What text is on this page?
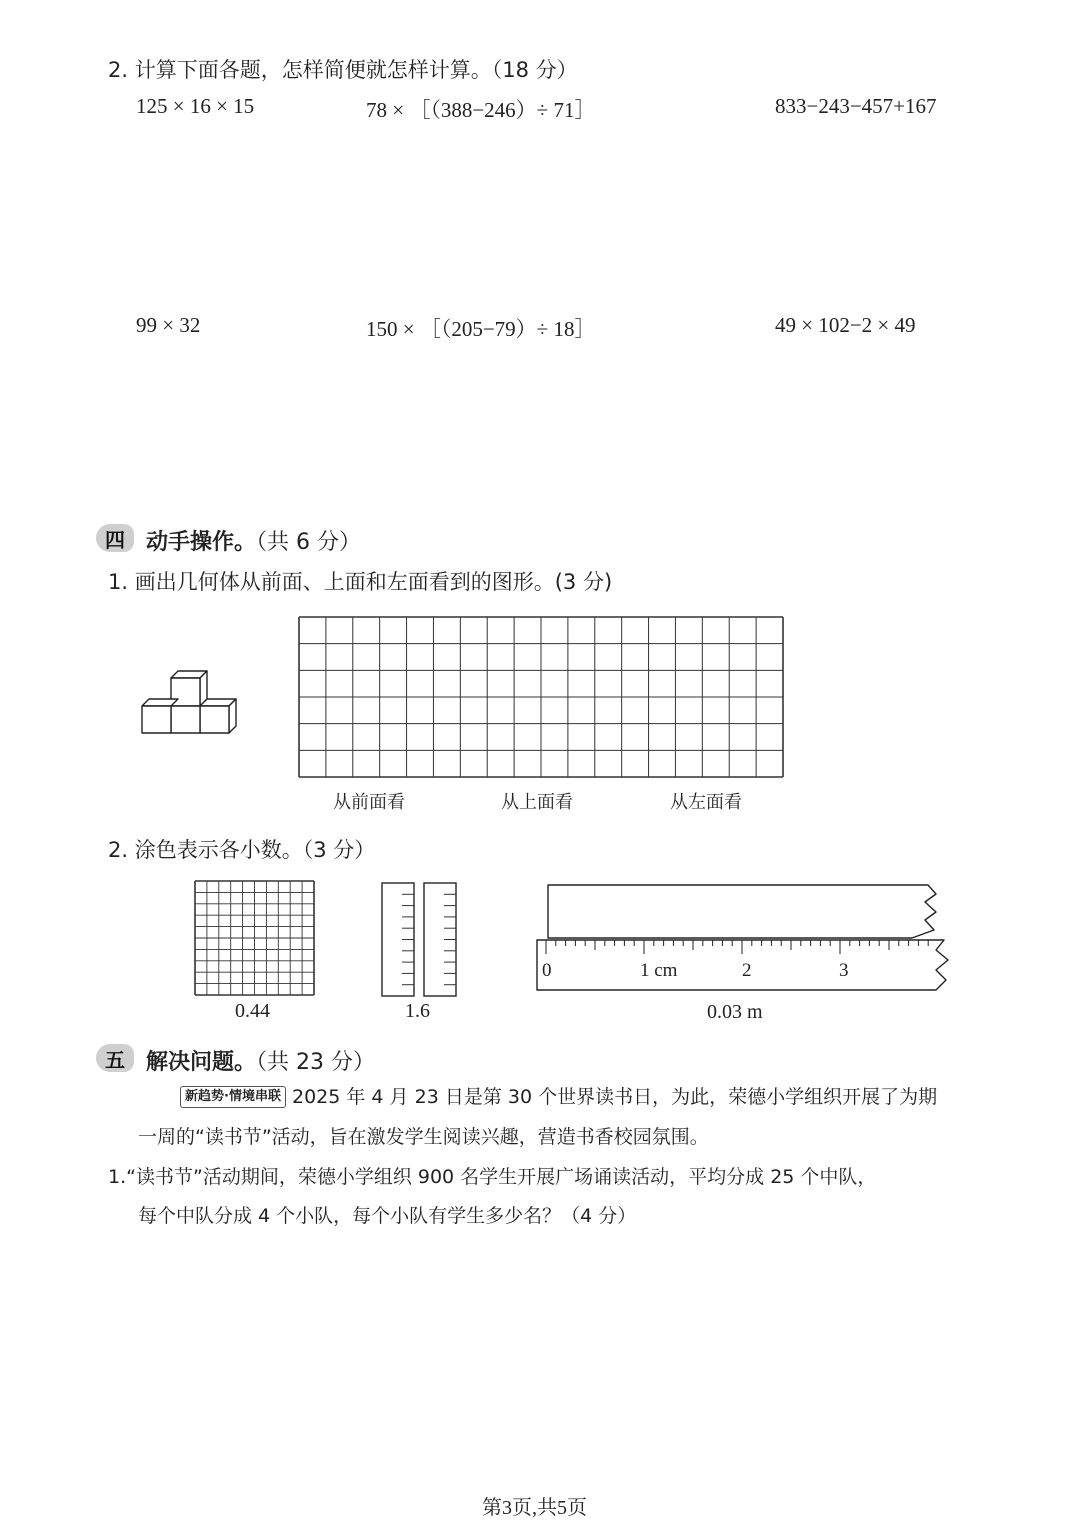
2. 计算下面各题，怎样简便就怎样计算。（18 分）
125 × 16 × 15	78 × ［（388−246）÷ 71］	833−243−457+167
99 × 32	150 × ［（205−79）÷ 18］	49 × 102−2 × 49
四 动手操作。（共 6 分）
1. 画出几何体从前面、上面和左面看到的图形。(3 分)
从前面看	从上面看	从左面看
2. 涂色表示各小数。（3 分）
0.44	1.6
0	1 cm	2	3
0.03 m
五 解决问题。（共 23 分）
新趋势·情境串联 2025 年 4 月 23 日是第 30 个世界读书日，为此，荣德小学组织开展了为期
一周的“读书节”活动，旨在激发学生阅读兴趣，营造书香校园氛围。
1.“读书节”活动期间，荣德小学组织 900 名学生开展广场诵读活动，平均分成 25 个中队，
每个中队分成 4 个小队，每个小队有学生多少名？（4 分）
第3页,共5页
